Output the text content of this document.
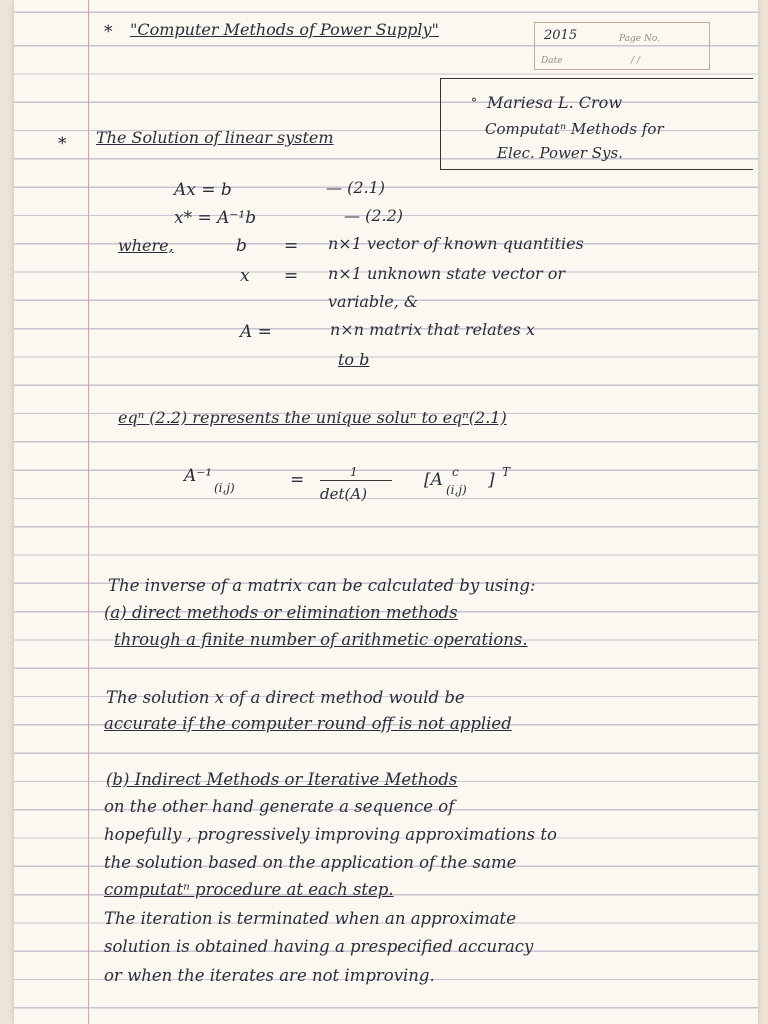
* "Computer Methods of Power Supply"	2015	Page No.
Date	/ /
° Mariesa L. Crow
Computatⁿ Methods for
Elec. Power Sys.
* The Solution of linear system
Ax = b	— (2.1)
x* = A⁻¹b	— (2.2)
where,	b = n×1 vector of known quantities
x = n×1 unknown state vector or
variable, &
A =	n×n matrix that relates x
to b
eqⁿ (2.2) represents the unique soluⁿ to eqⁿ(2.1)
A⁻¹
(i,j)	=	1
det(A)
[A c
(i,j) ] T
The inverse of a matrix can be calculated by using:
(a) direct methods or elimination methods
through a finite number of arithmetic operations.
The solution x of a direct method would be
accurate if the computer round off is not applied
(b) Indirect Methods or Iterative Methods
on the other hand generate a sequence of
hopefully , progressively improving approximations to
the solution based on the application of the same
computatⁿ procedure at each step.
The iteration is terminated when an approximate
solution is obtained having a prespecified accuracy
or when the iterates are not improving.
